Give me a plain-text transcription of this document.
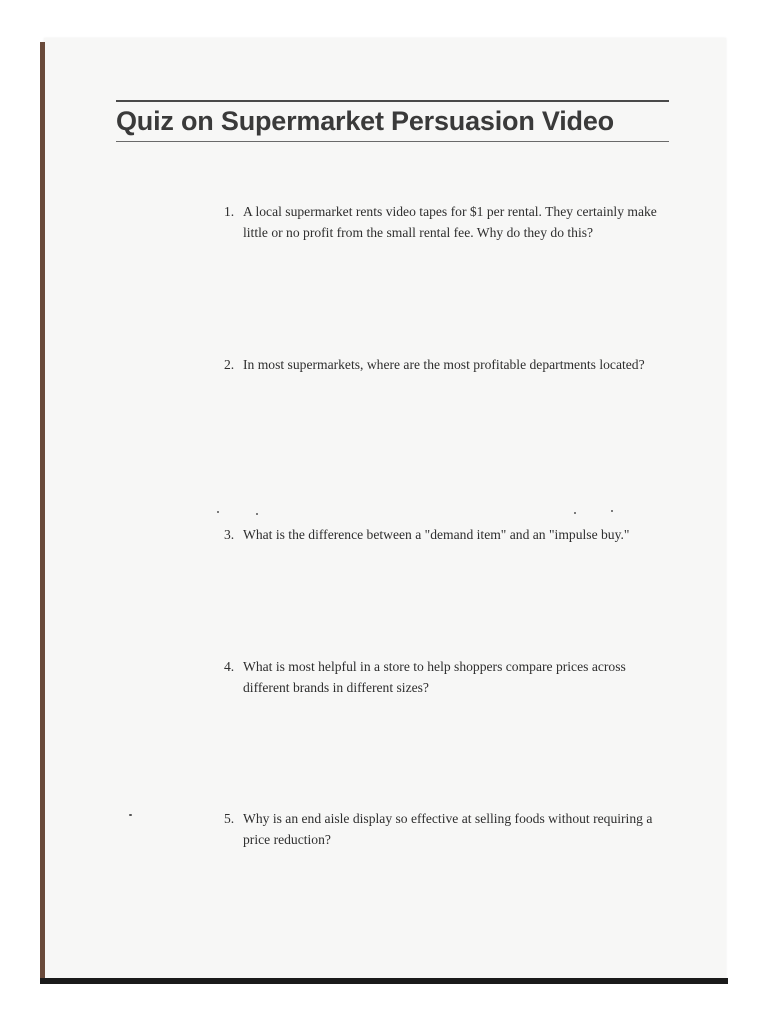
Quiz on Supermarket Persuasion Video
1. A local supermarket rents video tapes for $1 per rental. They certainly make little or no profit from the small rental fee. Why do they do this?
2. In most supermarkets, where are the most profitable departments located?
3. What is the difference between a "demand item" and an "impulse buy."
4. What is most helpful in a store to help shoppers compare prices across different brands in different sizes?
5. Why is an end aisle display so effective at selling foods without requiring a price reduction?
